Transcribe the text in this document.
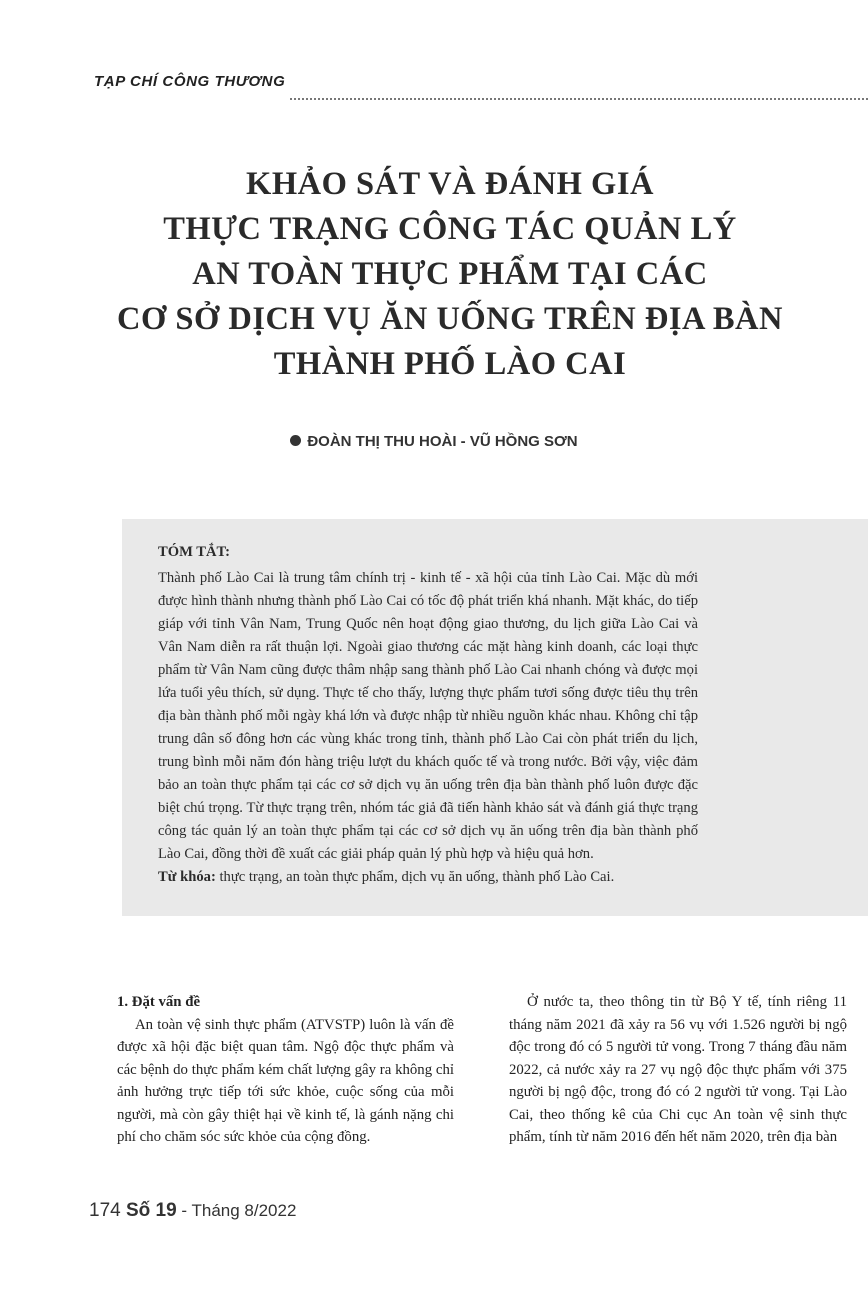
TẠP CHÍ CÔNG THƯƠNG
KHẢO SÁT VÀ ĐÁNH GIÁ
THỰC TRẠNG CÔNG TÁC QUẢN LÝ
AN TOÀN THỰC PHẨM TẠI CÁC
CƠ SỞ DỊCH VỤ ĂN UỐNG TRÊN ĐỊA BÀN
THÀNH PHỐ LÀO CAI
ĐOÀN THỊ THU HOÀI - VŨ HỒNG SƠN
TÓM TẮT:
Thành phố Lào Cai là trung tâm chính trị - kinh tế - xã hội của tỉnh Lào Cai. Mặc dù mới được hình thành nhưng thành phố Lào Cai có tốc độ phát triển khá nhanh. Mặt khác, do tiếp giáp với tỉnh Vân Nam, Trung Quốc nên hoạt động giao thương, du lịch giữa Lào Cai và Vân Nam diễn ra rất thuận lợi. Ngoài giao thương các mặt hàng kinh doanh, các loại thực phẩm từ Vân Nam cũng được thâm nhập sang thành phố Lào Cai nhanh chóng và được mọi lứa tuổi yêu thích, sử dụng. Thực tế cho thấy, lượng thực phẩm tươi sống được tiêu thụ trên địa bàn thành phố mỗi ngày khá lớn và được nhập từ nhiều nguồn khác nhau. Không chỉ tập trung dân số đông hơn các vùng khác trong tỉnh, thành phố Lào Cai còn phát triển du lịch, trung bình mỗi năm đón hàng triệu lượt du khách quốc tế và trong nước. Bởi vậy, việc đảm bảo an toàn thực phẩm tại các cơ sở dịch vụ ăn uống trên địa bàn thành phố luôn được đặc biệt chú trọng. Từ thực trạng trên, nhóm tác giả đã tiến hành khảo sát và đánh giá thực trạng công tác quản lý an toàn thực phẩm tại các cơ sở dịch vụ ăn uống trên địa bàn thành phố Lào Cai, đồng thời đề xuất các giải pháp quản lý phù hợp và hiệu quả hơn.
Từ khóa: thực trạng, an toàn thực phẩm, dịch vụ ăn uống, thành phố Lào Cai.
1. Đặt vấn đề

An toàn vệ sinh thực phẩm (ATVSTP) luôn là vấn đề được xã hội đặc biệt quan tâm. Ngộ độc thực phẩm và các bệnh do thực phẩm kém chất lượng gây ra không chỉ ảnh hưởng trực tiếp tới sức khỏe, cuộc sống của mỗi người, mà còn gây thiệt hại về kinh tế, là gánh nặng chi phí cho chăm sóc sức khỏe của cộng đồng.

Ở nước ta, theo thông tin từ Bộ Y tế, tính riêng 11 tháng năm 2021 đã xảy ra 56 vụ với 1.526 người bị ngộ độc trong đó có 5 người tử vong. Trong 7 tháng đầu năm 2022, cả nước xảy ra 27 vụ ngộ độc thực phẩm với 375 người bị ngộ độc, trong đó có 2 người tử vong. Tại Lào Cai, theo thống kê của Chi cục An toàn vệ sinh thực phẩm, tính từ năm 2016 đến hết năm 2020, trên địa bàn

174 Số 19 - Tháng 8/2022
